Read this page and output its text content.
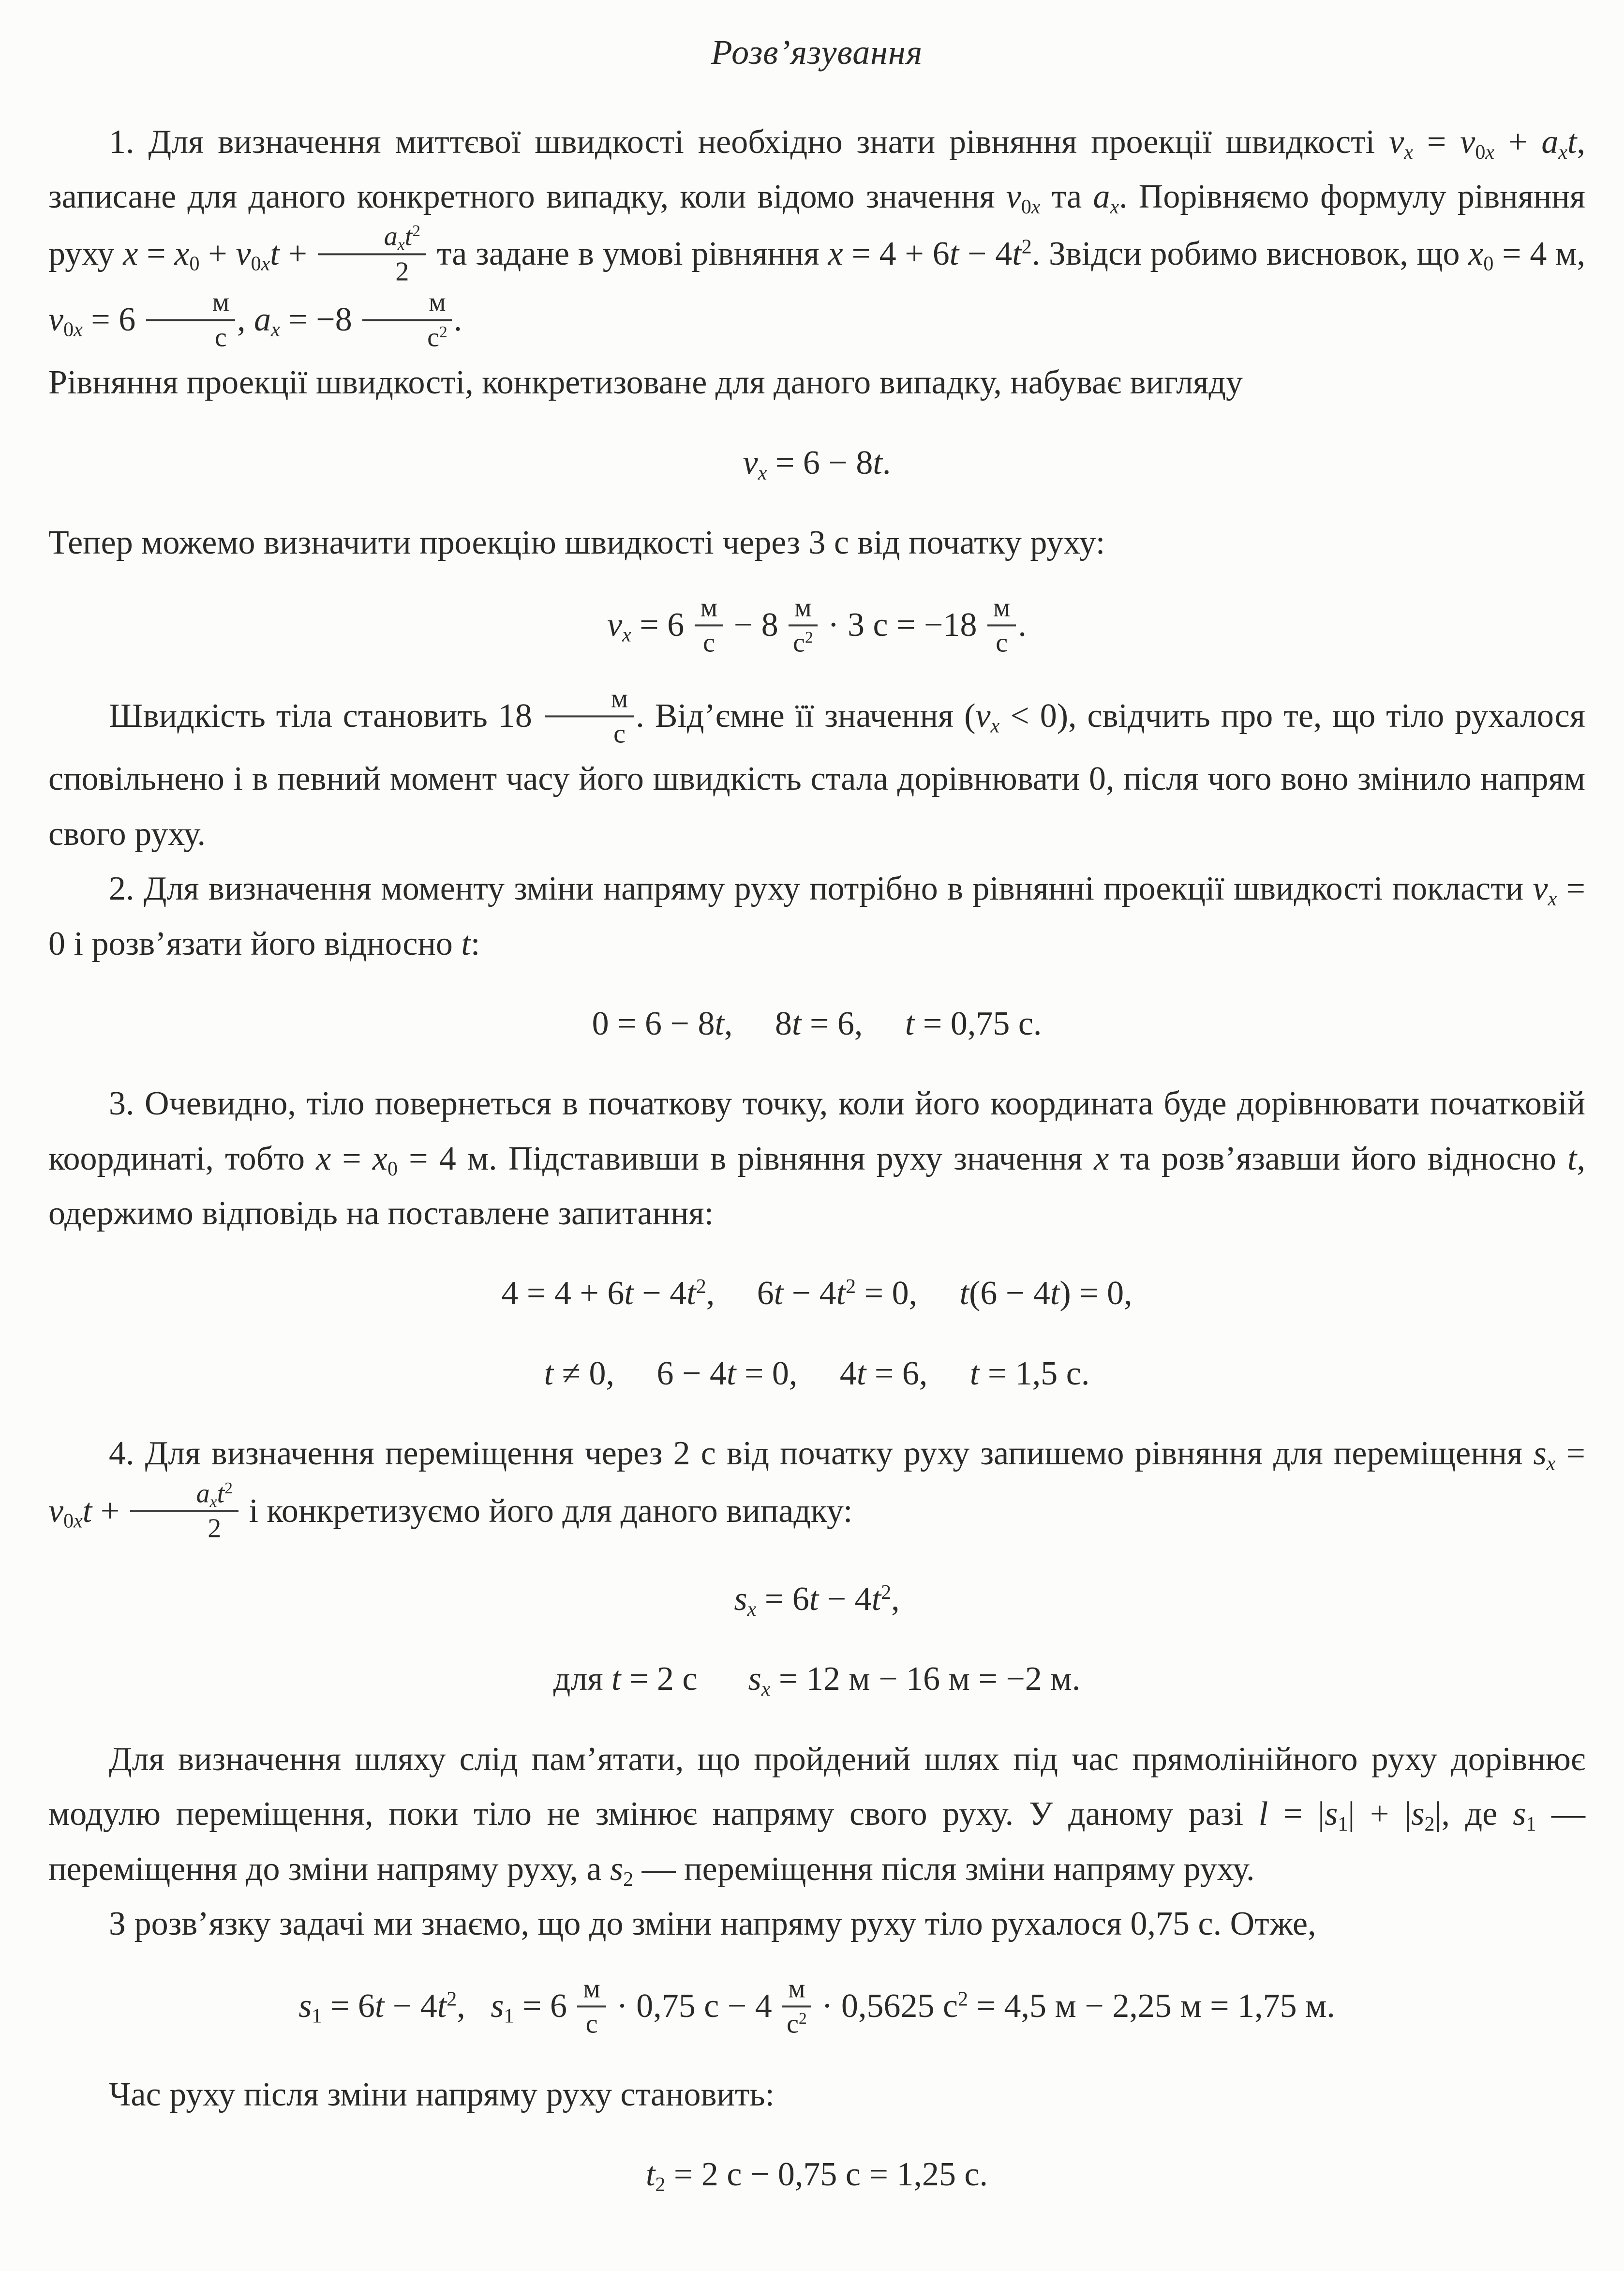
Розв’язування

1. Для визначення миттєвої швидкості необхідно знати рівняння проекції швидкості $v_x = v_{0x} + a_xt$, записане для даного конкретного випадку, коли відомо значення $v_{0x}$ та $a_x$. Порівняємо формулу рівняння руху $x = x_0 + v_{0x}t + \frac{a_xt^2}{2}$ та задане в умові рівняння $x = 4 + 6t - 4t^2$. Звідси робимо висновок, що $x_0 = 4$ м, $v_{0x} = 6 \frac{м}{с}$ , $a_x = -8 \frac{м}{с^2}$ .

Рівняння проекції швидкості, конкретизоване для даного випадку, набуває вигляду

$v_x = 6 - 8t$.

Тепер можемо визначити проекцію швидкості через 3 с від початку руху:

$v_x = 6 \frac{м}{с} - 8 \frac{м}{с^2} \cdot 3$ $с = -18 \frac{м}{с}$ .

Швидкість тіла становить $18 \frac{м}{с}$ . Від’ємне її значення $(v_x < 0)$, свідчить про те, що тіло рухалося сповільнено і в певний момент часу його швидкість стала дорівнювати 0, після чого воно змінило напрям свого руху.

2. Для визначення моменту зміни напряму руху потрібно в рівнянні проекції швидкості покласти $v_x = 0$ і розв’язати його відносно t:

0 = 6 − 8t,  8t = 6,  t = 0,75 с.

3. Очевидно, тіло повернеться в початкову точку, коли його координата буде дорівнювати початковій координаті, тобто $x = x_0 = 4$ м. Підставивши в рівняння руху значення x та розв’язавши його відносно t, одержимо відповідь на поставлене запитання:

$4 = 4 + 6t - 4t^2$,  $6t - 4t^2 = 0$,  t(6 − 4t) = 0,
t ≠ 0,  6 − 4t = 0,  4t = 6,  t = 1,5 с.

4. Для визначення переміщення через 2 с від початку руху запишемо рівняння для переміщення $s_x = v_{0x}t + \frac{a_xt^2}{2}$ і конкретизуємо його для даного випадку:

$s_x = 6t - 4t^2$,
для t = 2 с  $s_x = 12$ м − 16 м = −2 м.

Для визначення шляху слід пам’ятати, що пройдений шлях під час прямолінійного руху дорівнює модулю переміщення, поки тіло не змінює напряму свого руху. У даному разі $l = |s_1| + |s_2|$, де $s_1$ — переміщення до зміни напряму руху, а $s_2$ — переміщення після зміни напряму руху.

З розв’язку задачі ми знаємо, що до зміни напряму руху тіло рухалося 0,75 с. Отже,

$s_1 = 6t - 4t^2$,  $s_1 = 6 \frac{м}{с} \cdot 0,75$ $с - 4 \frac{м}{с^2} \cdot 0,5625$ $с^2 = 4,5$ м − 2,25 м = 1,75 м.

Час руху після зміни напряму руху становить:

$t_2 = 2$ с − 0,75 с = 1,25 с.
